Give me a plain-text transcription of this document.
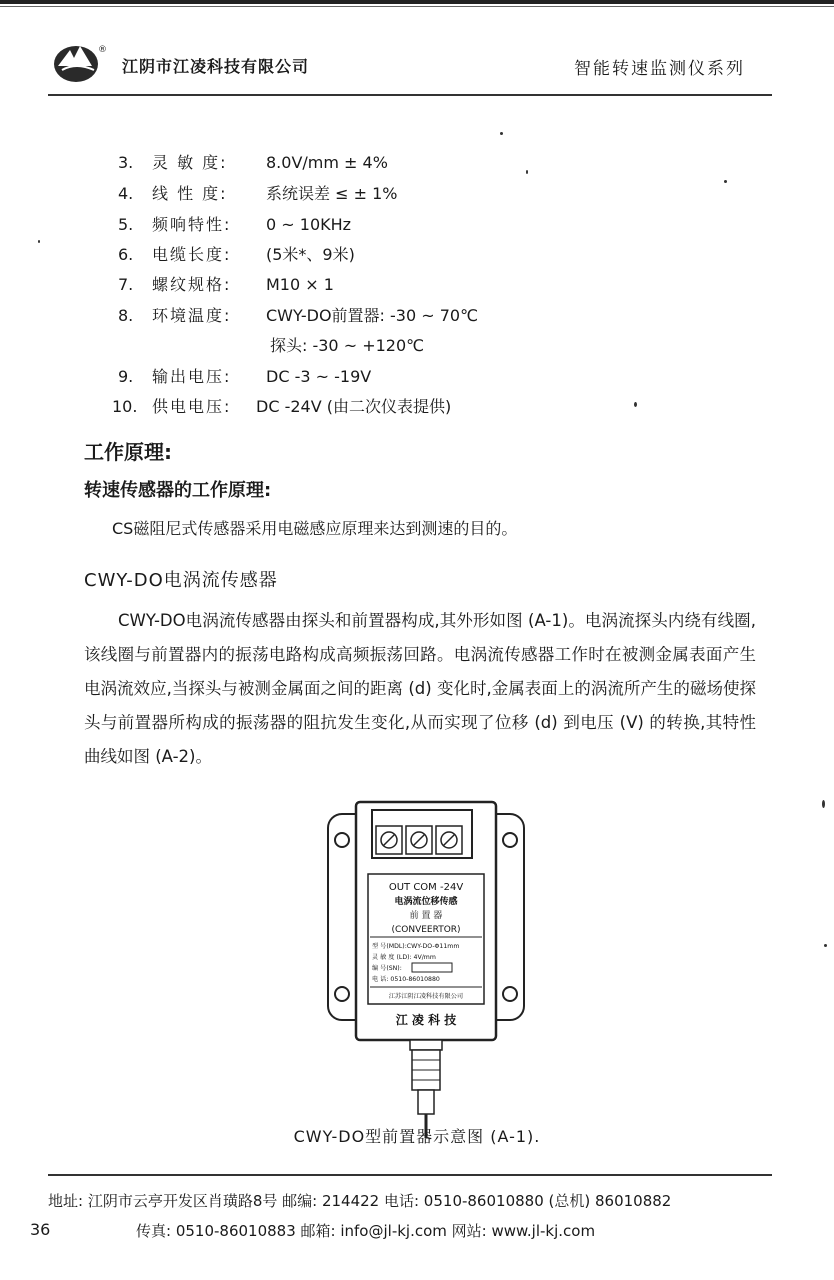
®
江阴市江凌科技有限公司	智能转速监测仪系列
3. 灵 敏 度: 8.0V/mm ± 4%
4. 线 性 度: 系统误差 ≤ ± 1%
5. 频响特性: 0 ~ 10KHz
6. 电缆长度: (5米*、9米)
7. 螺纹规格: M10 × 1
8. 环境温度: CWY-DO前置器: -30 ~ 70℃
探头: -30 ~ +120℃
9. 输出电压: DC -3 ~ -19V
10. 供电电压: DC -24V (由二次仪表提供)
工作原理:
转速传感器的工作原理:
CS磁阻尼式传感器采用电磁感应原理来达到测速的目的。
CWY-DO电涡流传感器
CWY-DO电涡流传感器由探头和前置器构成,其外形如图 (A-1)。电涡流探头内绕有线圈,该线圈与前置器内的振荡电路构成高频振荡回路。电涡流传感器工作时在被测金属表面产生电涡流效应,当探头与被测金属面之间的距离 (d) 变化时,金属表面上的涡流所产生的磁场使探头与前置器所构成的振荡器的阻抗发生变化,从而实现了位移 (d) 到电压 (V) 的转换,其特性曲线如图 (A-2)。
OUT COM -24V
电涡流位移传感
前 置 器
(CONVEERTOR)
型 号(MDL):CWY-DO-Φ11mm
灵 敏 度 (LD): 4V/mm
编 号(SN):
电 话: 0510-86010880
江苏江阴江凌科技有限公司
江 凌 科 技
CWY-DO型前置器示意图 (A-1).
地址: 江阴市云亭开发区肖璜路8号 邮编: 214422 电话: 0510-86010880 (总机) 86010882
36	传真: 0510-86010883 邮箱: info@jl-kj.com 网站: www.jl-kj.com
